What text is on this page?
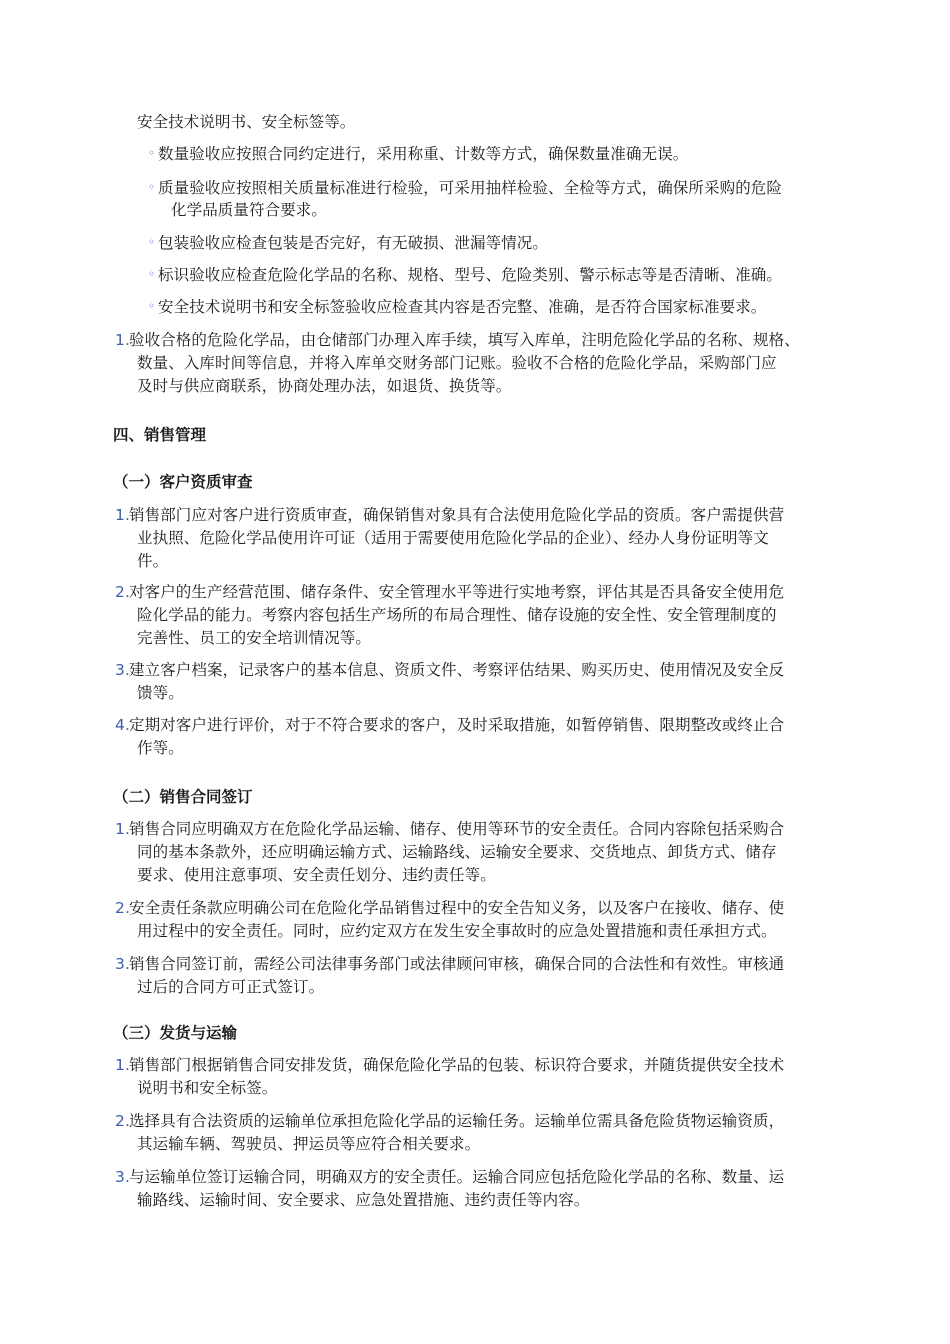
安全技术说明书、安全标签等。
◦ 数量验收应按照合同约定进行，采用称重、计数等方式，确保数量准确无误。
◦ 质量验收应按照相关质量标准进行检验，可采用抽样检验、全检等方式，确保所采购的危险
化学品质量符合要求。
◦ 包装验收应检查包装是否完好，有无破损、泄漏等情况。
◦ 标识验收应检查危险化学品的名称、规格、型号、危险类别、警示标志等是否清晰、准确。
◦ 安全技术说明书和安全标签验收应检查其内容是否完整、准确，是否符合国家标准要求。
1. 验收合格的危险化学品，由仓储部门办理入库手续，填写入库单，注明危险化学品的名称、规格、
数量、入库时间等信息，并将入库单交财务部门记账。验收不合格的危险化学品，采购部门应
及时与供应商联系，协商处理办法，如退货、换货等。
四、销售管理
（一）客户资质审查
1. 销售部门应对客户进行资质审查，确保销售对象具有合法使用危险化学品的资质。客户需提供营
业执照、危险化学品使用许可证（适用于需要使用危险化学品的企业）、经办人身份证明等文
件。
2. 对客户的生产经营范围、储存条件、安全管理水平等进行实地考察，评估其是否具备安全使用危
险化学品的能力。考察内容包括生产场所的布局合理性、储存设施的安全性、安全管理制度的
完善性、员工的安全培训情况等。
3. 建立客户档案，记录客户的基本信息、资质文件、考察评估结果、购买历史、使用情况及安全反
馈等。
4. 定期对客户进行评价，对于不符合要求的客户，及时采取措施，如暂停销售、限期整改或终止合
作等。
（二）销售合同签订
1. 销售合同应明确双方在危险化学品运输、储存、使用等环节的安全责任。合同内容除包括采购合
同的基本条款外，还应明确运输方式、运输路线、运输安全要求、交货地点、卸货方式、储存
要求、使用注意事项、安全责任划分、违约责任等。
2. 安全责任条款应明确公司在危险化学品销售过程中的安全告知义务，以及客户在接收、储存、使
用过程中的安全责任。同时，应约定双方在发生安全事故时的应急处置措施和责任承担方式。
3. 销售合同签订前，需经公司法律事务部门或法律顾问审核，确保合同的合法性和有效性。审核通
过后的合同方可正式签订。
（三）发货与运输
1. 销售部门根据销售合同安排发货，确保危险化学品的包装、标识符合要求，并随货提供安全技术
说明书和安全标签。
2. 选择具有合法资质的运输单位承担危险化学品的运输任务。运输单位需具备危险货物运输资质，
其运输车辆、驾驶员、押运员等应符合相关要求。
3. 与运输单位签订运输合同，明确双方的安全责任。运输合同应包括危险化学品的名称、数量、运
输路线、运输时间、安全要求、应急处置措施、违约责任等内容。
